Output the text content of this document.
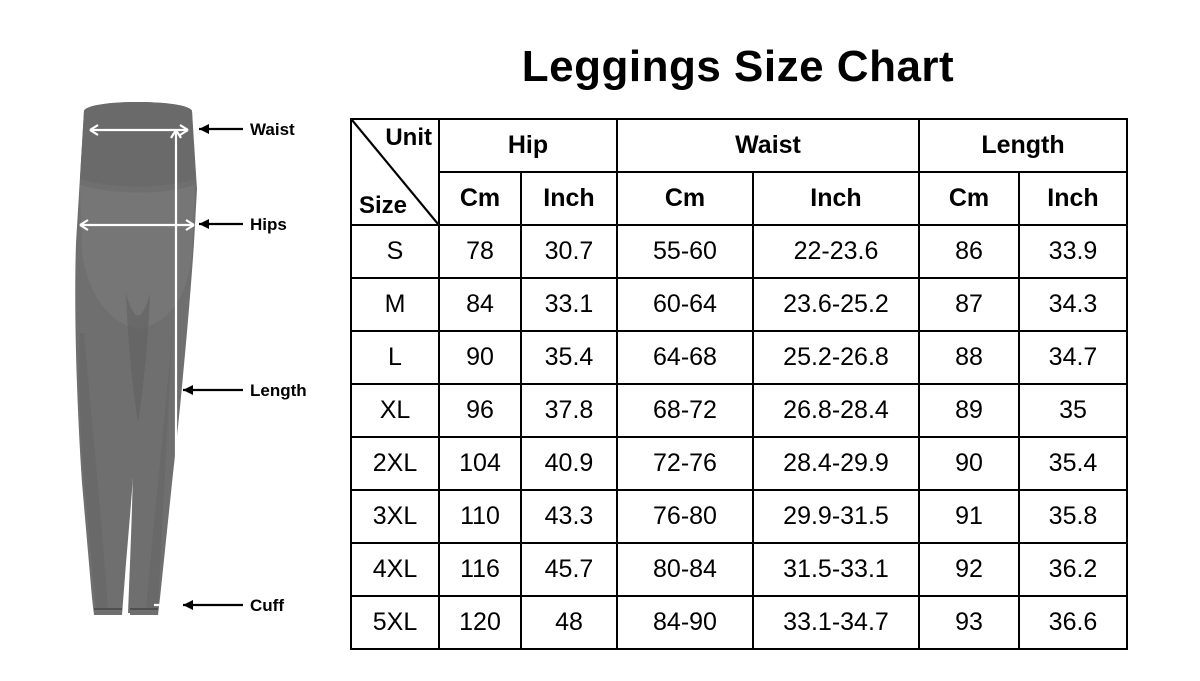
Leggings Size Chart
Waist
Hips
Length
Cuff
Unit
Size	Hip		Waist		Length	
	Cm	Inch	Cm	Inch	Cm	Inch
S	78	30.7	55-60	22-23.6	86	33.9
M	84	33.1	60-64	23.6-25.2	87	34.3
L	90	35.4	64-68	25.2-26.8	88	34.7
XL	96	37.8	68-72	26.8-28.4	89	35
2XL	104	40.9	72-76	28.4-29.9	90	35.4
3XL	110	43.3	76-80	29.9-31.5	91	35.8
4XL	116	45.7	80-84	31.5-33.1	92	36.2
5XL	120	48	84-90	33.1-34.7	93	36.6
